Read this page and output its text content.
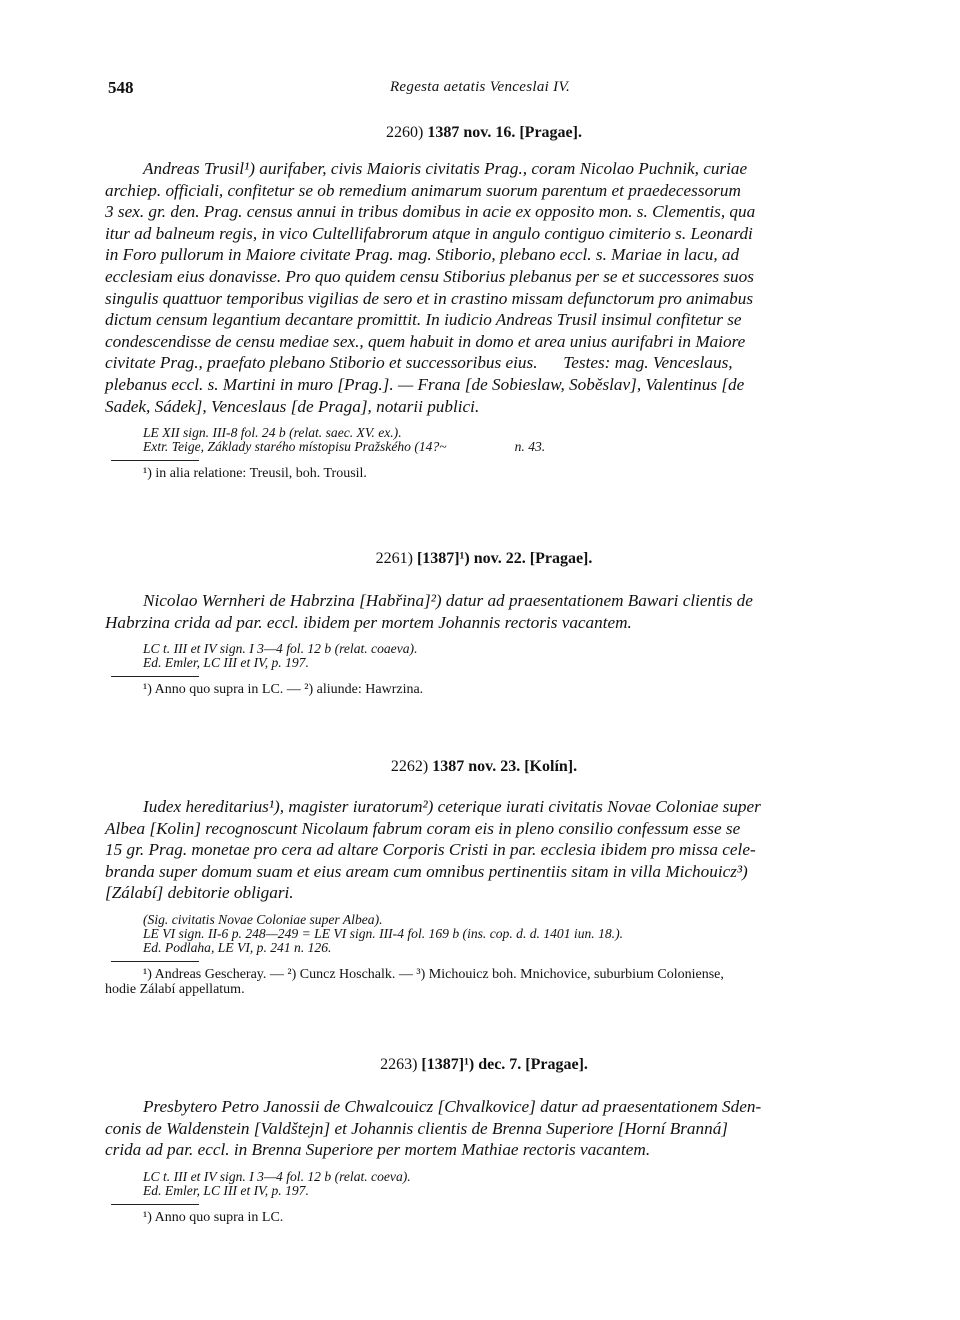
548	Regesta aetatis Venceslai IV.
2260) 1387 nov. 16. [Pragae].
Andreas Trusil¹) aurifaber, civis Maioris civitatis Prag., coram Nicolao Puchnik, curiae
archiep. officiali, confitetur se ob remedium animarum suorum parentum et praedecessorum
3 sex. gr. den. Prag. census annui in tribus domibus in acie ex opposito mon. s. Clementis, qua
itur ad balneum regis, in vico Cultellifabrorum atque in angulo contiguo cimiterio s. Leonardi
in Foro pullorum in Maiore civitate Prag. mag. Stiborio, plebano eccl. s. Mariae in lacu, ad
ecclesiam eius donavisse. Pro quo quidem censu Stiborius plebanus per se et successores suos
singulis quattuor temporibus vigilias de sero et in crastino missam defunctorum pro animabus
dictum censum legantium decantare promittit. In iudicio Andreas Trusil insimul confitetur se
condescendisse de censu mediae sex., quem habuit in domo et area unius aurifabri in Maiore
civitate Prag., praefato plebano Stiborio et successoribus eius.      Testes: mag. Venceslaus,
plebanus eccl. s. Martini in muro [Prag.]. — Frana [de Sobieslaw, Soběslav], Valentinus [de
Sadek, Sádek], Venceslaus [de Praga], notarii publici.
LE XII sign. III-8 fol. 24 b (relat. saec. XV. ex.).
Extr. Teige, Základy starého místopisu Pražského (14?~                    n. 43.
¹) in alia relatione: Treusil, boh. Trousil.
2261) [1387]¹) nov. 22. [Pragae].
Nicolao Wernheri de Habrzina [Habřina]²) datur ad praesentationem Bawari clientis de
Habrzina crida ad par. eccl. ibidem per mortem Johannis rectoris vacantem.
LC t. III et IV sign. I 3—4 fol. 12 b (relat. coaeva).
Ed. Emler, LC III et IV, p. 197.
¹) Anno quo supra in LC. — ²) aliunde: Hawrzina.
2262) 1387 nov. 23. [Kolín].
Iudex hereditarius¹), magister iuratorum²) ceterique iurati civitatis Novae Coloniae super
Albea [Kolin] recognoscunt Nicolaum fabrum coram eis in pleno consilio confessum esse se
15 gr. Prag. monetae pro cera ad altare Corporis Cristi in par. ecclesia ibidem pro missa cele-
branda super domum suam et eius aream cum omnibus pertinentiis sitam in villa Michouicz³)
[Zálabí] debitorie obligari.
(Sig. civitatis Novae Coloniae super Albea).
LE VI sign. II-6 p. 248—249 = LE VI sign. III-4 fol. 169 b (ins. cop. d. d. 1401 iun. 18.).
Ed. Podlaha, LE VI, p. 241 n. 126.
¹) Andreas Gescheray. — ²) Cuncz Hoschalk. — ³) Michouicz boh. Mnichovice, suburbium Coloniense,
hodie Zálabí appellatum.
2263) [1387]¹) dec. 7. [Pragae].
Presbytero Petro Janossii de Chwalcouicz [Chvalkovice] datur ad praesentationem Sden-
conis de Waldenstein [Valdštejn] et Johannis clientis de Brenna Superiore [Horní Branná]
crida ad par. eccl. in Brenna Superiore per mortem Mathiae rectoris vacantem.
LC t. III et IV sign. I 3—4 fol. 12 b (relat. coeva).
Ed. Emler, LC III et IV, p. 197.
¹) Anno quo supra in LC.
